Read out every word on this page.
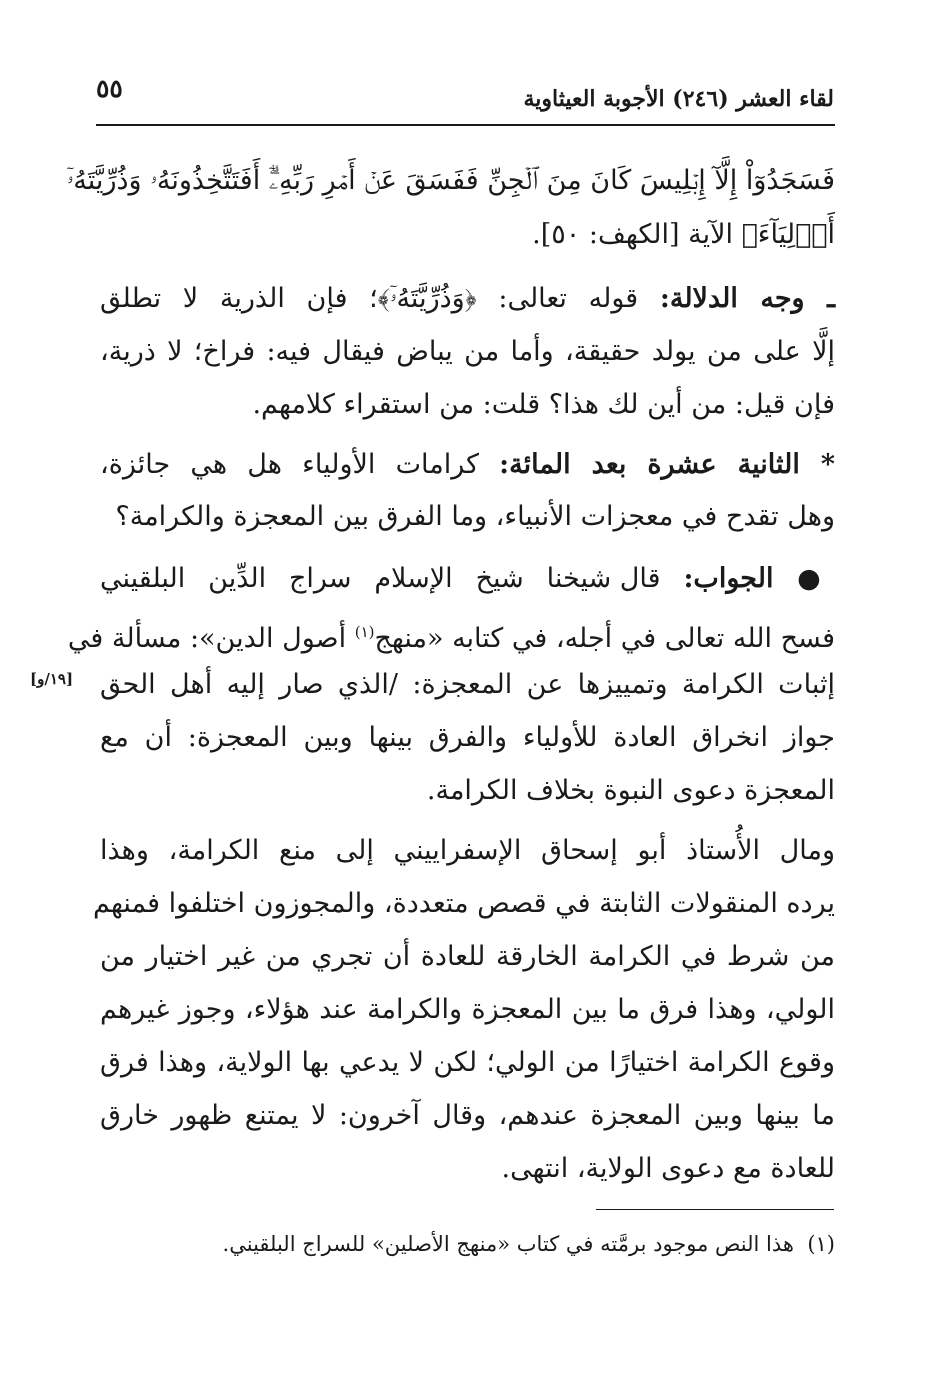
لقاء العشر (٢٤٦) الأجوبة العيثاوية
٥٥
فَسَجَدُوٓاْ إِلَّآ إِبۡلِيسَ كَانَ مِنَ ٱلۡجِنِّ فَفَسَقَ عَنۡ أَمۡرِ رَبِّهِۦٓۗ أَفَتَتَّخِذُونَهُۥ وَذُرِّيَّتَهُۥٓ
أَوۡلِيَآءَ﴾ الآية [الكهف: ٥٠].
ـ وجه الدلالة: قوله تعالى: ﴿وَذُرِّيَّتَهُۥٓ﴾؛ فإن الذرية لا تطلق
إلَّا على من يولد حقيقة، وأما من يباض فيقال فيه: فراخ؛ لا ذرية،
فإن قيل: من أين لك هذا؟ قلت: من استقراء كلامهم.
* الثانية عشرة بعد المائة: كرامات الأولياء هل هي جائزة،
وهل تقدح في معجزات الأنبياء، وما الفرق بين المعجزة والكرامة؟
● الجواب: قال شيخنا شيخ الإسلام سراج الدِّين البلقيني
فسح الله تعالى في أجله، في كتابه «منهج$^{(١)}$ أصول الدين»: مسألة في
إثبات الكرامة وتمييزها عن المعجزة: /الذي صار إليه أهل الحق
جواز انخراق العادة للأولياء والفرق بينها وبين المعجزة: أن مع
المعجزة دعوى النبوة بخلاف الكرامة.
[١٩/و]
ومال الأُستاذ أبو إسحاق الإسفراييني إلى منع الكرامة، وهذا
يرده المنقولات الثابتة في قصص متعددة، والمجوزون اختلفوا فمنهم
من شرط في الكرامة الخارقة للعادة أن تجري من غير اختيار من
الولي، وهذا فرق ما بين المعجزة والكرامة عند هؤلاء، وجوز غيرهم
وقوع الكرامة اختيارًا من الولي؛ لكن لا يدعي بها الولاية، وهذا فرق
ما بينها وبين المعجزة عندهم، وقال آخرون: لا يمتنع ظهور خارق
للعادة مع دعوى الولاية، انتهى.
(١)  هذا النص موجود برمَّته في كتاب «منهج الأصلين» للسراج البلقيني.
